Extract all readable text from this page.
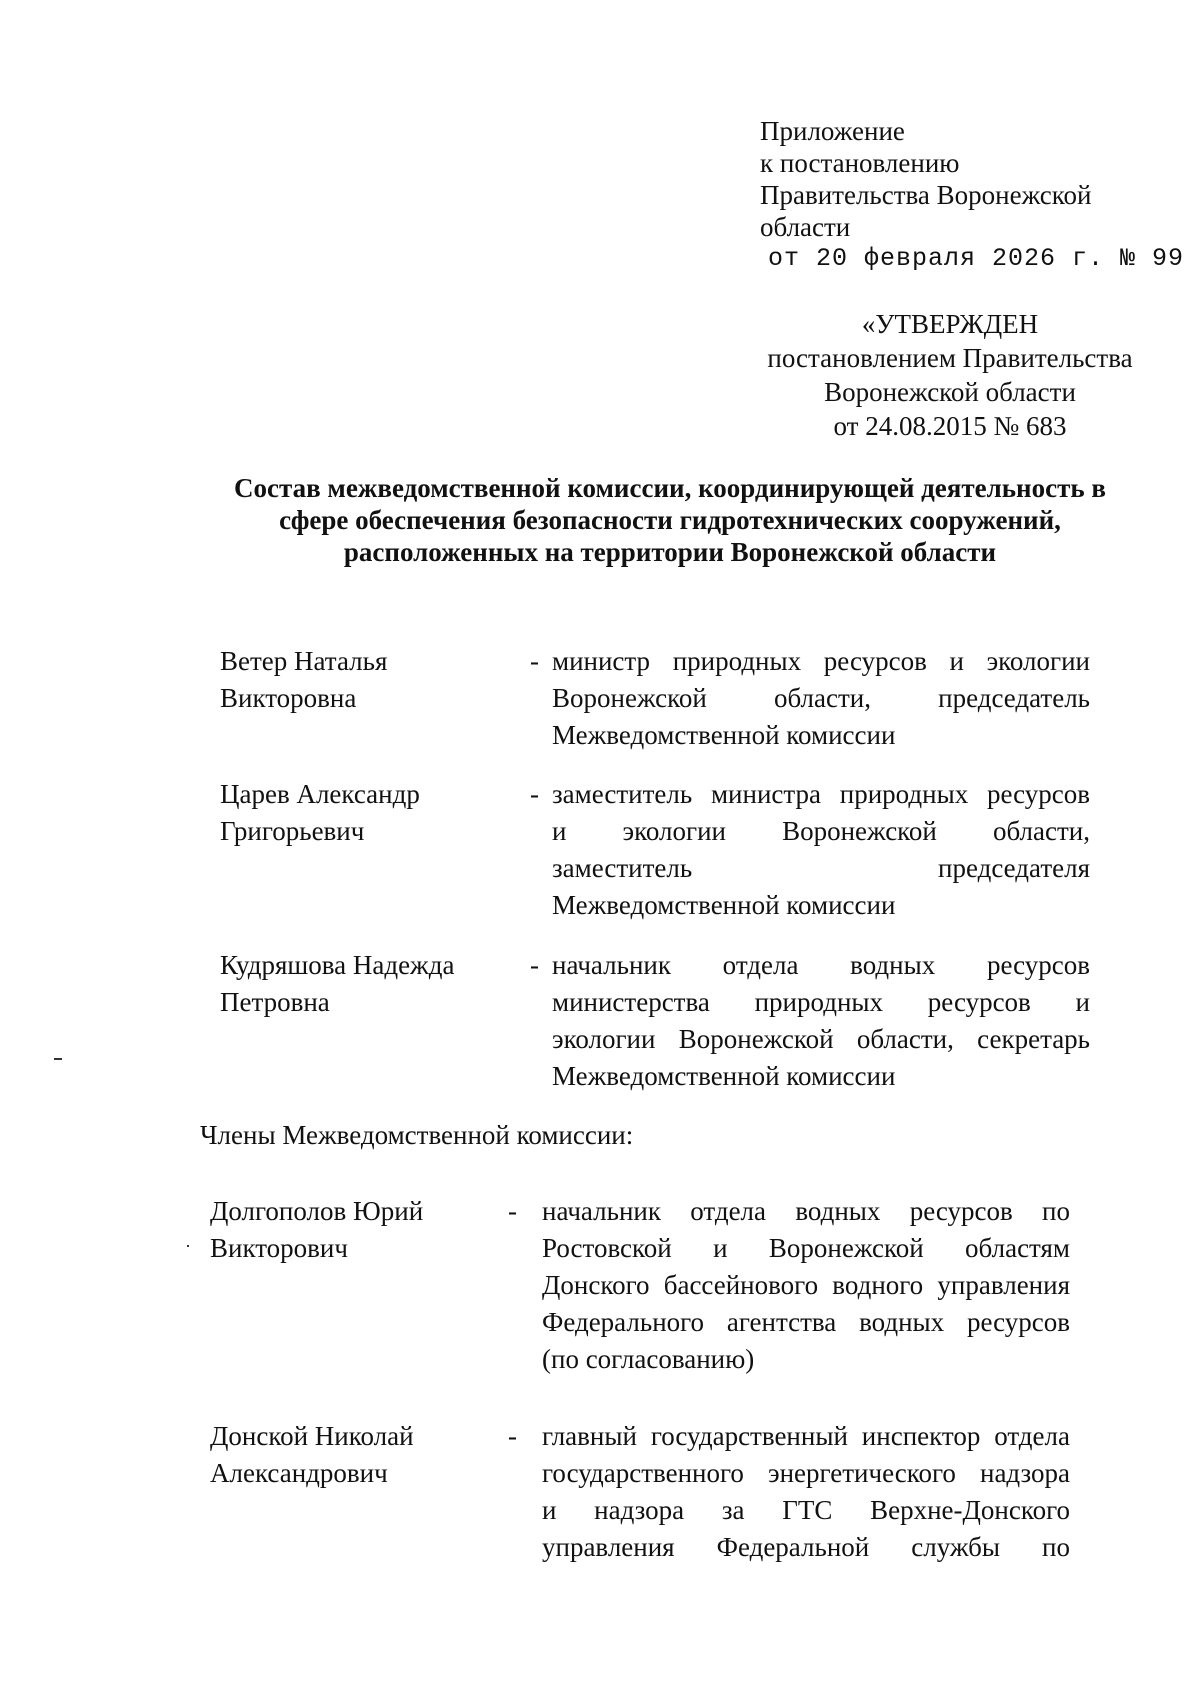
Приложение
к постановлению
Правительства Воронежской
области
от 20 февраля 2026 г. № 99
«УТВЕРЖДЕН
постановлением Правительства
Воронежской области
от 24.08.2015 № 683
Состав межведомственной комиссии, координирующей деятельность в
сфере обеспечения безопасности гидротехнических сооружений,
расположенных на территории Воронежской области
Ветер Наталья
Викторовна
- министр природных ресурсов и экологии
Воронежской области, председатель
Межведомственной комиссии
Царев Александр
Григорьевич
- заместитель министра природных ресурсов
и экологии Воронежской области,
заместитель председателя
Межведомственной комиссии
Кудряшова Надежда
Петровна
- начальник отдела водных ресурсов
министерства природных ресурсов и
экологии Воронежской области, секретарь
Межведомственной комиссии
Члены Межведомственной комиссии:
Долгополов Юрий
Викторович
- начальник отдела водных ресурсов по
Ростовской и Воронежской областям
Донского бассейнового водного управления
Федерального агентства водных ресурсов
(по согласованию)
Донской Николай
Александрович
- главный государственный инспектор отдела
государственного энергетического надзора
и надзора за ГТС Верхне-Донского
управления Федеральной службы по
